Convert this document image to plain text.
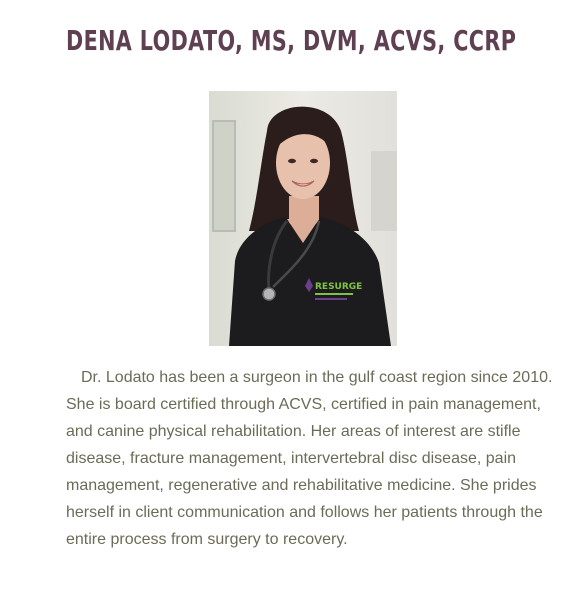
DENA LODATO, MS, DVM, ACVS, CCRP
RESURGE

Dr. Lodato has been a surgeon in the gulf coast region since 2010. She is board certified through ACVS, certified in pain management, and canine physical rehabilitation. Her areas of interest are stifle disease, fracture management, intervertebral disc disease, pain management, regenerative and rehabilitative medicine. She prides herself in client communication and follows her patients through the entire process from surgery to recovery.
